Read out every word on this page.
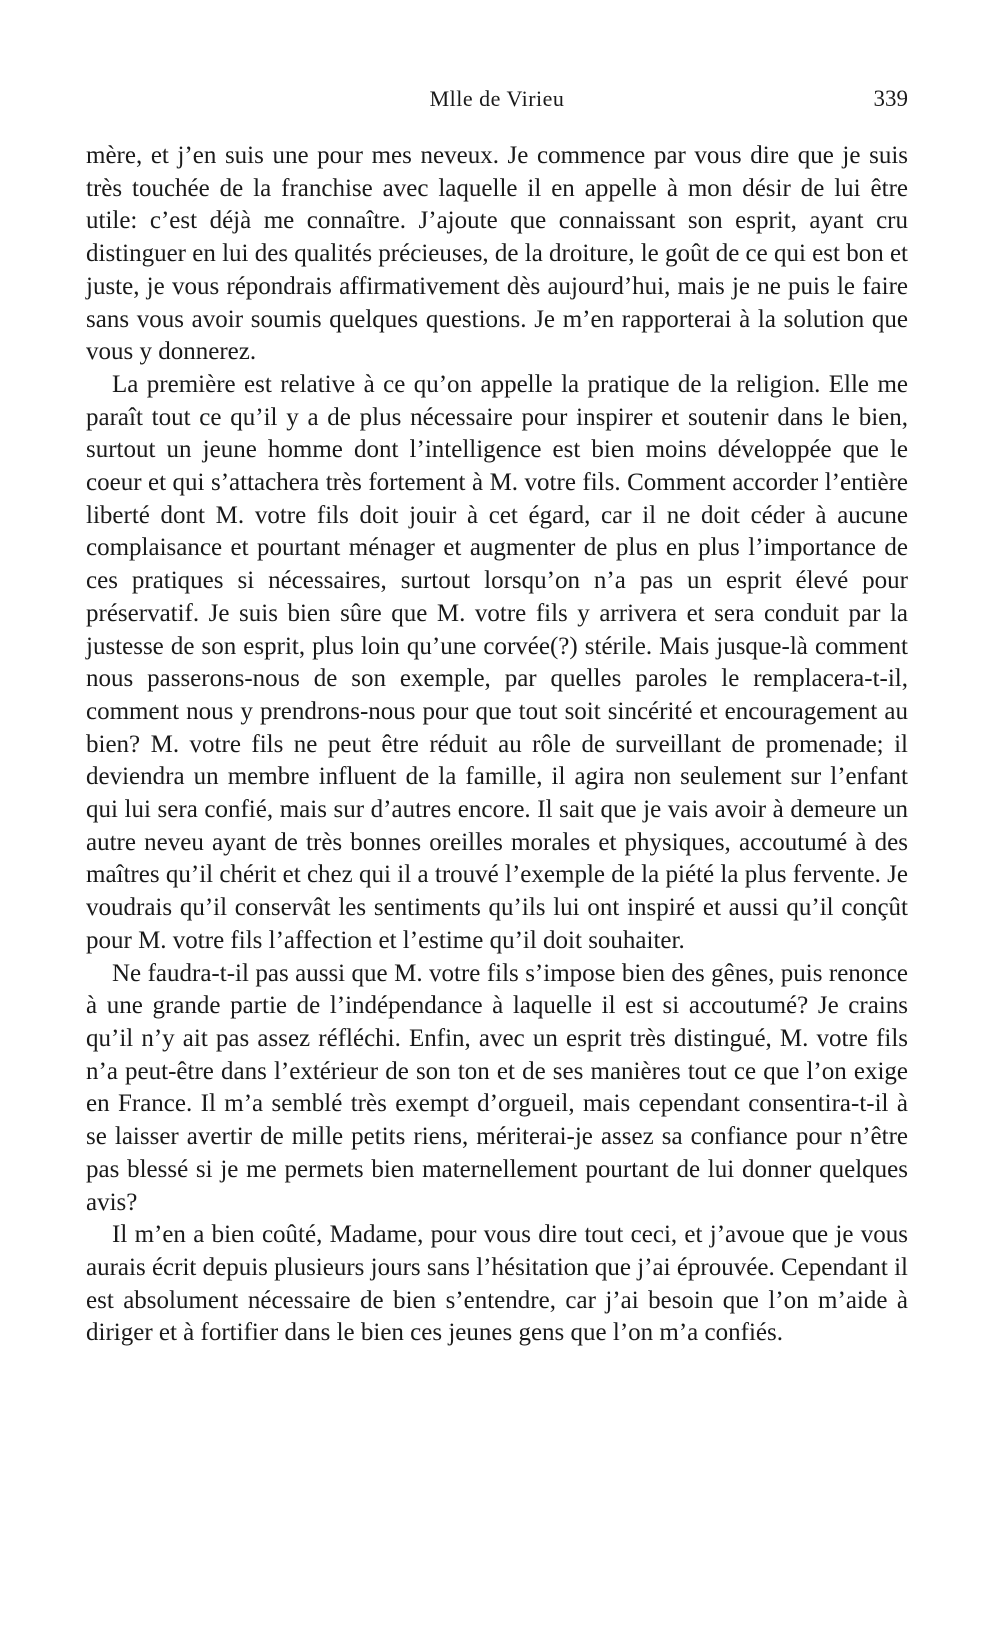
Mlle de Virieu	339

mère, et j’en suis une pour mes neveux. Je commence par vous dire que je suis très touchée de la franchise avec laquelle il en appelle à mon désir de lui être utile: c’est déjà me connaître. J’ajoute que connaissant son esprit, ayant cru distinguer en lui des qualités précieuses, de la droiture, le goût de ce qui est bon et juste, je vous répondrais affirmativement dès aujourd’hui, mais je ne puis le faire sans vous avoir soumis quelques questions. Je m’en rapporterai à la solution que vous y donnerez.

La première est relative à ce qu’on appelle la pratique de la religion. Elle me paraît tout ce qu’il y a de plus nécessaire pour inspirer et soutenir dans le bien, surtout un jeune homme dont l’intelligence est bien moins développée que le coeur et qui s’attachera très fortement à M. votre fils. Comment accorder l’entière liberté dont M. votre fils doit jouir à cet égard, car il ne doit céder à aucune complaisance et pourtant ménager et augmenter de plus en plus l’importance de ces pratiques si nécessaires, surtout lorsqu’on n’a pas un esprit élevé pour préservatif. Je suis bien sûre que M. votre fils y arrivera et sera conduit par la justesse de son esprit, plus loin qu’une corvée(?) stérile. Mais jusque-là comment nous passerons-nous de son exemple, par quelles paroles le remplacera-t-il, comment nous y prendrons-nous pour que tout soit sincérité et encouragement au bien? M. votre fils ne peut être réduit au rôle de surveillant de promenade; il deviendra un membre influent de la famille, il agira non seulement sur l’enfant qui lui sera confié, mais sur d’autres encore. Il sait que je vais avoir à demeure un autre neveu ayant de très bonnes oreilles morales et physiques, accoutumé à des maîtres qu’il chérit et chez qui il a trouvé l’exemple de la piété la plus fervente. Je voudrais qu’il conservât les sentiments qu’ils lui ont inspiré et aussi qu’il conçût pour M. votre fils l’affection et l’estime qu’il doit souhaiter.

Ne faudra-t-il pas aussi que M. votre fils s’impose bien des gênes, puis renonce à une grande partie de l’indépendance à laquelle il est si accoutumé? Je crains qu’il n’y ait pas assez réfléchi. Enfin, avec un esprit très distingué, M. votre fils n’a peut-être dans l’extérieur de son ton et de ses manières tout ce que l’on exige en France. Il m’a semblé très exempt d’orgueil, mais cependant consentira-t-il à se laisser avertir de mille petits riens, mériterai-je assez sa confiance pour n’être pas blessé si je me permets bien maternellement pourtant de lui donner quelques avis?

Il m’en a bien coûté, Madame, pour vous dire tout ceci, et j’avoue que je vous aurais écrit depuis plusieurs jours sans l’hésitation que j’ai éprouvée. Cependant il est absolument nécessaire de bien s’entendre, car j’ai besoin que l’on m’aide à diriger et à fortifier dans le bien ces jeunes gens que l’on m’a confiés.
